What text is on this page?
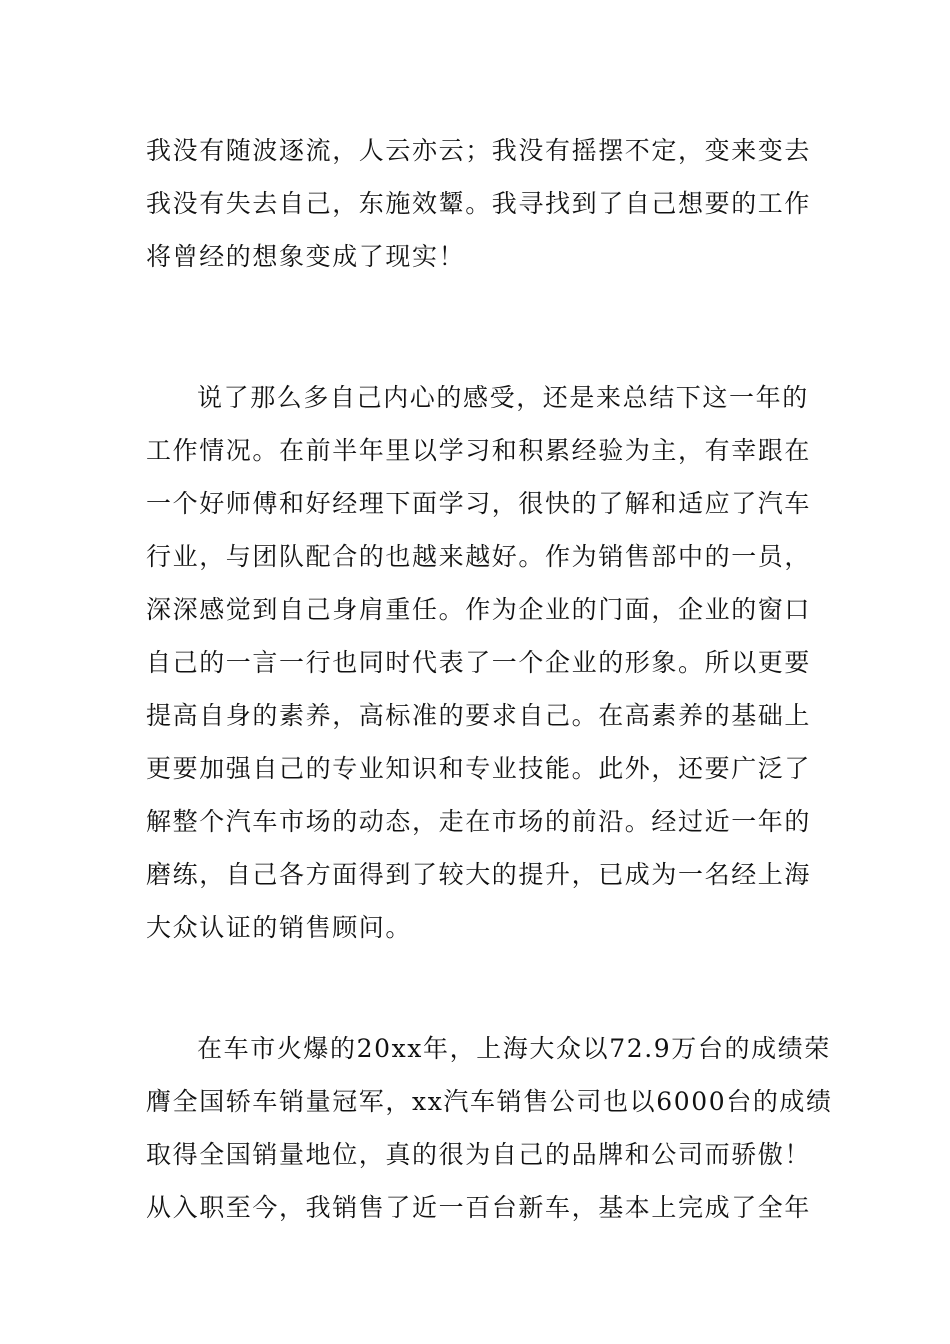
我没有随波逐流，人云亦云；我没有摇摆不定，变来变去
我没有失去自己，东施效颦。我寻找到了自己想要的工作
将曾经的想象变成了现实！
说了那么多自己内心的感受，还是来总结下这一年的
工作情况。在前半年里以学习和积累经验为主，有幸跟在
一个好师傅和好经理下面学习，很快的了解和适应了汽车
行业，与团队配合的也越来越好。作为销售部中的一员，
深深感觉到自己身肩重任。作为企业的门面，企业的窗口
自己的一言一行也同时代表了一个企业的形象。所以更要
提高自身的素养，高标准的要求自己。在高素养的基础上
更要加强自己的专业知识和专业技能。此外，还要广泛了
解整个汽车市场的动态，走在市场的前沿。经过近一年的
磨练，自己各方面得到了较大的提升，已成为一名经上海
大众认证的销售顾问。
在车市火爆的20xx年，上海大众以72.9万台的成绩荣
膺全国轿车销量冠军，xx汽车销售公司也以6000台的成绩
取得全国销量地位，真的很为自己的品牌和公司而骄傲！
从入职至今，我销售了近一百台新车，基本上完成了全年
